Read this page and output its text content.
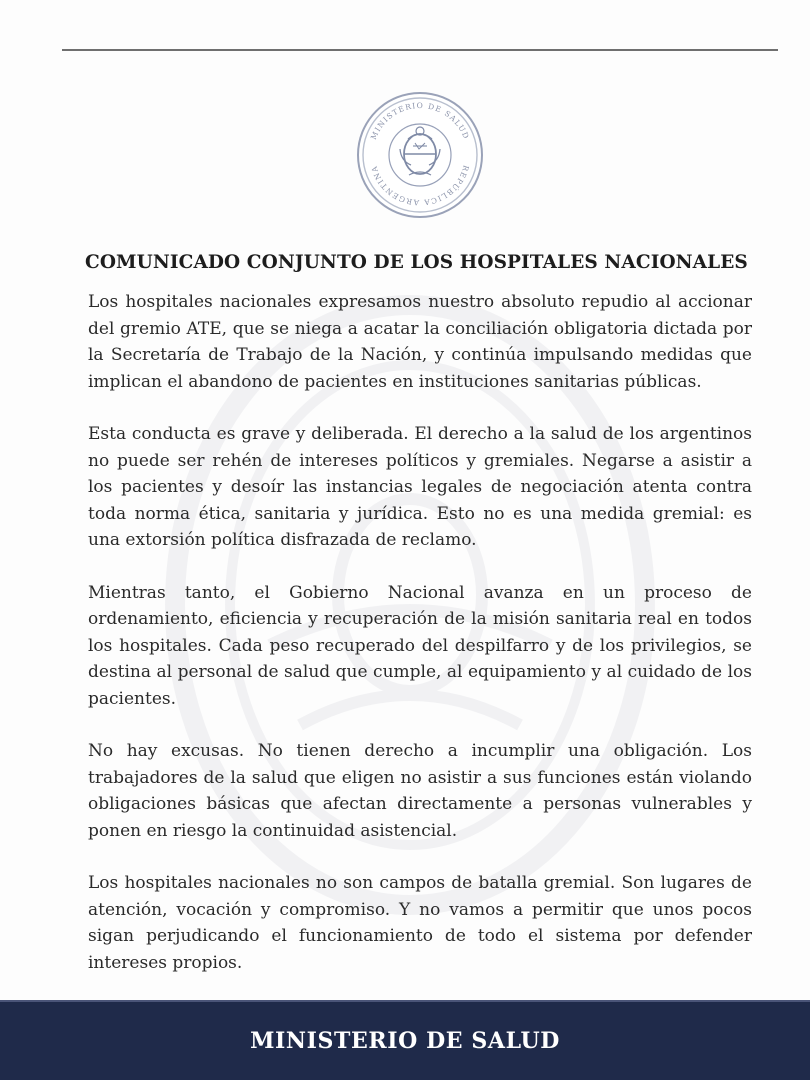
MINISTERIO DE SALUD
REPÚBLICA ARGENTINA
COMUNICADO CONJUNTO DE LOS HOSPITALES NACIONALES

Los hospitales nacionales expresamos nuestro absoluto repudio al accionar del gremio ATE, que se niega a acatar la conciliación obligatoria dictada por la Secretaría de Trabajo de la Nación, y continúa impulsando medidas que implican el abandono de pacientes en instituciones sanitarias públicas.

Esta conducta es grave y deliberada. El derecho a la salud de los argentinos no puede ser rehén de intereses políticos y gremiales. Negarse a asistir a los pacientes y desoír las instancias legales de negociación atenta contra toda norma ética, sanitaria y jurídica. Esto no es una medida gremial: es una extorsión política disfrazada de reclamo.

Mientras tanto, el Gobierno Nacional avanza en un proceso de ordenamiento, eficiencia y recuperación de la misión sanitaria real en todos los hospitales. Cada peso recuperado del despilfarro y de los privilegios, se destina al personal de salud que cumple, al equipamiento y al cuidado de los pacientes.

No hay excusas. No tienen derecho a incumplir una obligación. Los trabajadores de la salud que eligen no asistir a sus funciones están violando obligaciones básicas que afectan directamente a personas vulnerables y ponen en riesgo la continuidad asistencial.

Los hospitales nacionales no son campos de batalla gremial. Son lugares de atención, vocación y compromiso. Y no vamos a permitir que unos pocos sigan perjudicando el funcionamiento de todo el sistema por defender intereses propios.

MINISTERIO DE SALUD
